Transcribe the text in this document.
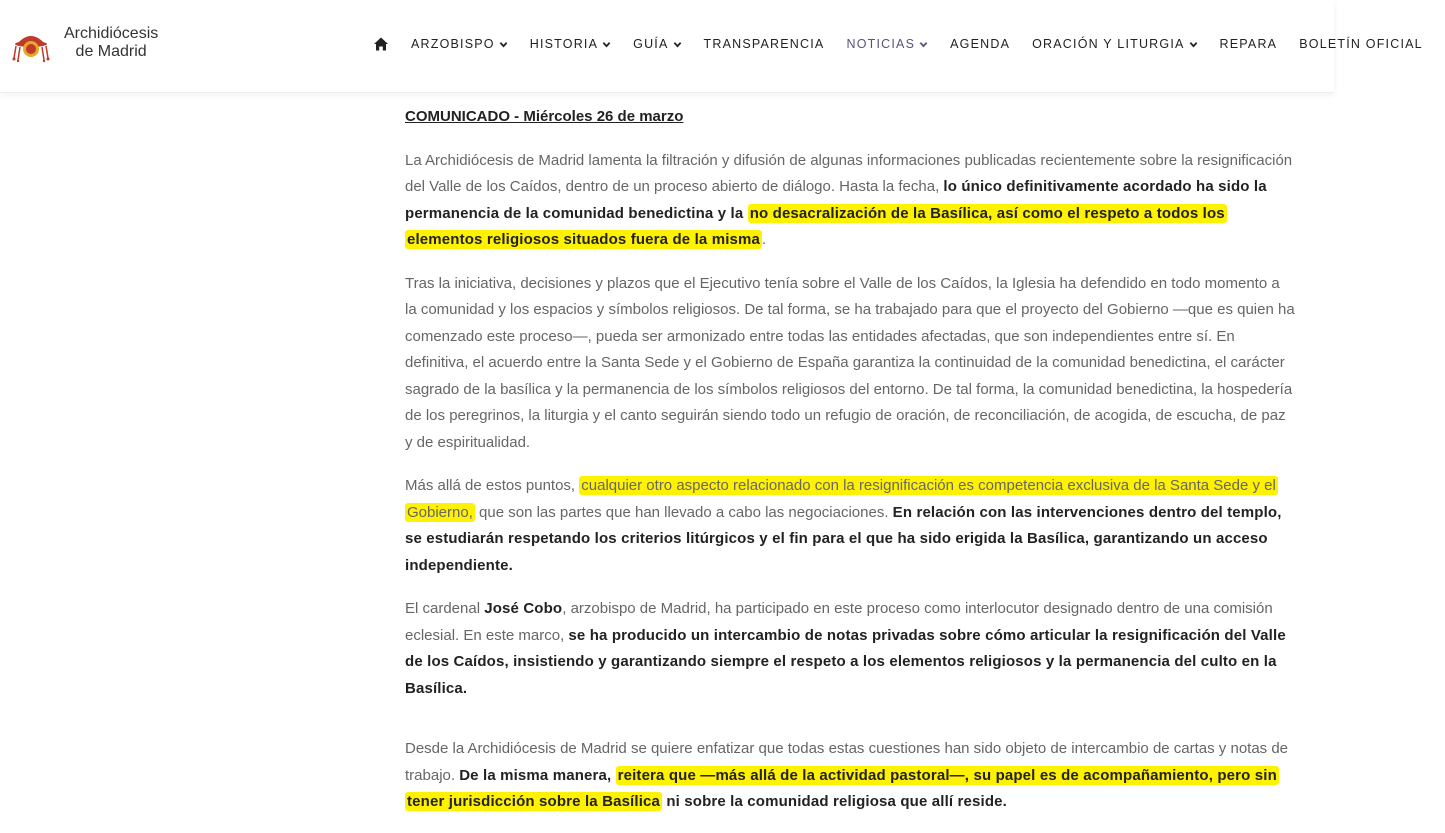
Archidiócesis
de Madrid	ARZOBISPO	HISTORIA	GUÍA	TRANSPARENCIA NOTICIAS	AGENDA ORACIÓN Y LITURGIA	REPARA BOLETÍN OFICIAL

COMUNICADO - Miércoles 26 de marzo

La Archidiócesis de Madrid lamenta la filtración y difusión de algunas informaciones publicadas recientemente sobre la resignificación del Valle de los Caídos, dentro de un proceso abierto de diálogo. Hasta la fecha, lo único definitivamente acordado ha sido la permanencia de la comunidad benedictina y la no desacralización de la Basílica, así como el respeto a todos los elementos religiosos situados fuera de la misma .

Tras la iniciativa, decisiones y plazos que el Ejecutivo tenía sobre el Valle de los Caídos, la Iglesia ha defendido en todo momento a la comunidad y los espacios y símbolos religiosos. De tal forma, se ha trabajado para que el proyecto del Gobierno —que es quien ha comenzado este proceso—, pueda ser armonizado entre todas las entidades afectadas, que son independientes entre sí. En definitiva, el acuerdo entre la Santa Sede y el Gobierno de España garantiza la continuidad de la comunidad benedictina, el carácter sagrado de la basílica y la permanencia de los símbolos religiosos del entorno. De tal forma, la comunidad benedictina, la hospedería de los peregrinos, la liturgia y el canto seguirán siendo todo un refugio de oración, de reconciliación, de acogida, de escucha, de paz y de espiritualidad.

Más allá de estos puntos, cualquier otro aspecto relacionado con la resignificación es competencia exclusiva de la Santa Sede y el Gobierno, que son las partes que han llevado a cabo las negociaciones. En relación con las intervenciones dentro del templo, se estudiarán respetando los criterios litúrgicos y el fin para el que ha sido erigida la Basílica, garantizando un acceso independiente.

El cardenal José Cobo, arzobispo de Madrid, ha participado en este proceso como interlocutor designado dentro de una comisión eclesial. En este marco, se ha producido un intercambio de notas privadas sobre cómo articular la resignificación del Valle de los Caídos, insistiendo y garantizando siempre el respeto a los elementos religiosos y la permanencia del culto en la Basílica.

Desde la Archidiócesis de Madrid se quiere enfatizar que todas estas cuestiones han sido objeto de intercambio de cartas y notas de trabajo. De la misma manera, reitera que —más allá de la actividad pastoral—, su papel es de acompañamiento, pero sin tener jurisdicción sobre la Basílica ni sobre la comunidad religiosa que allí reside.
